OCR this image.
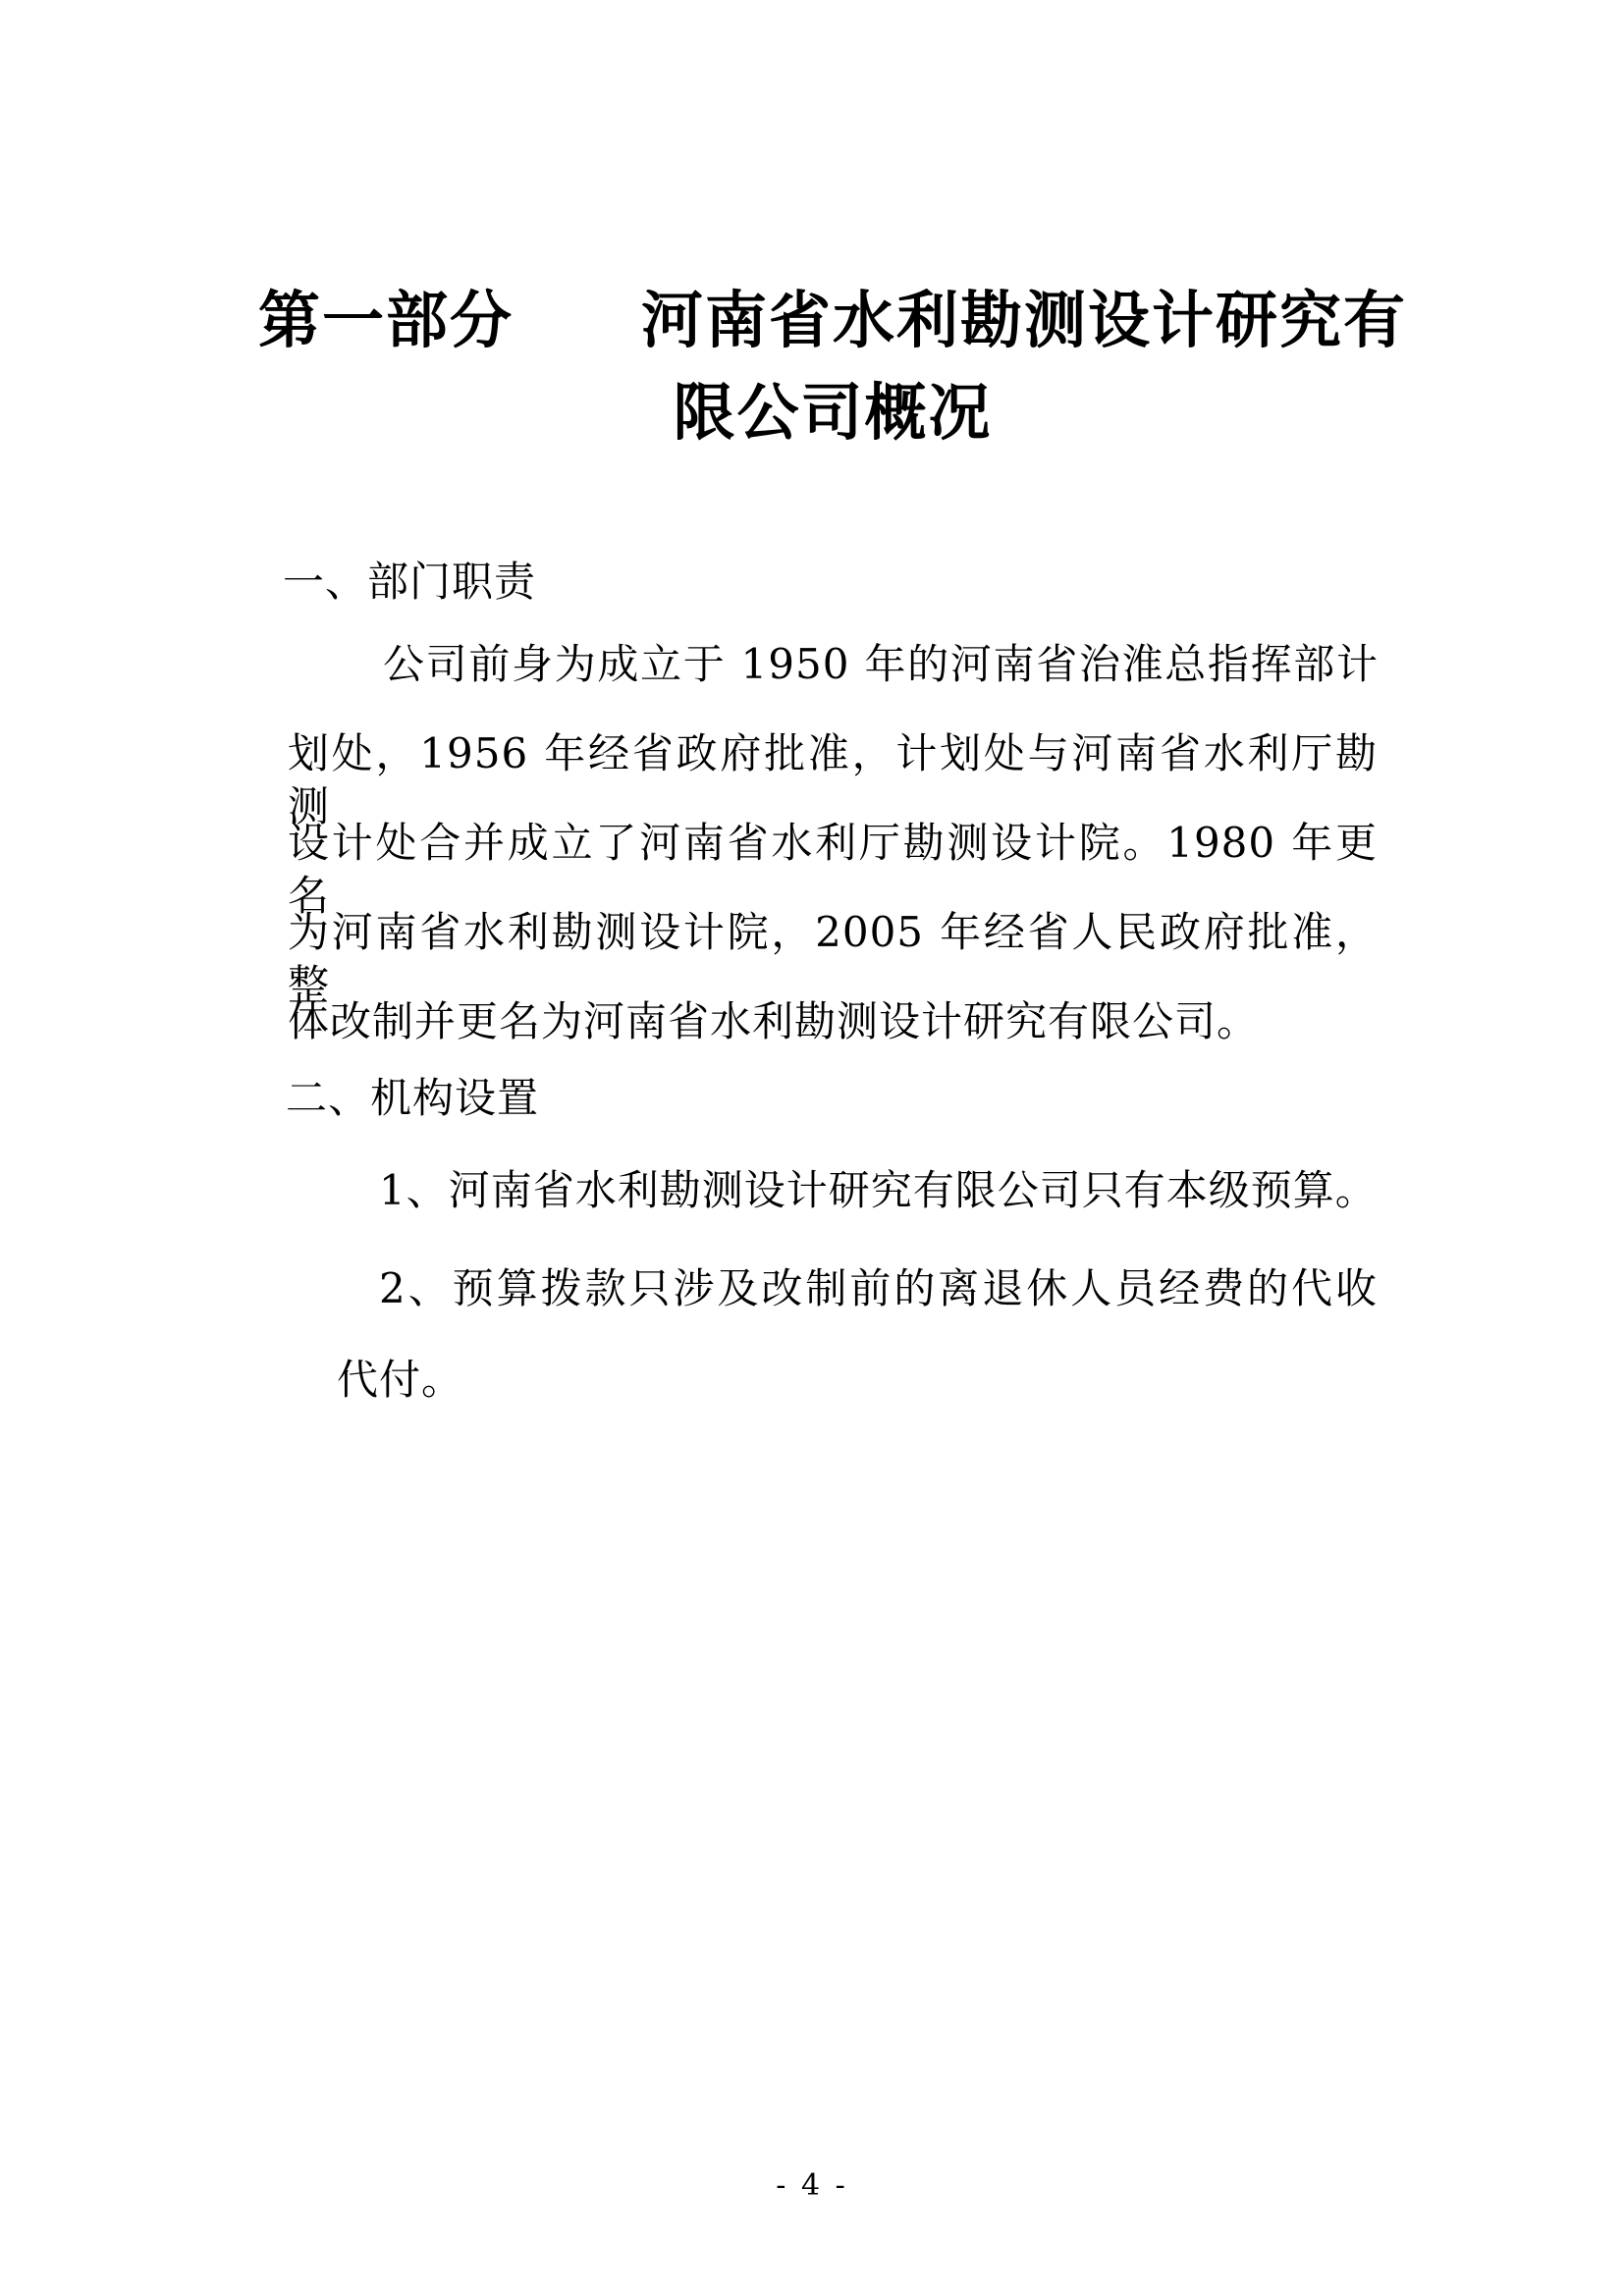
第一部分 河南省水利勘测设计研究有
限公司概况
一、部门职责
公司前身为成立于 1950 年的河南省治淮总指挥部计
划处，1956 年经省政府批准，计划处与河南省水利厅勘测
设计处合并成立了河南省水利厅勘测设计院。1980 年更名
为河南省水利勘测设计院，2005 年经省人民政府批准，整
体改制并更名为河南省水利勘测设计研究有限公司。
二、机构设置
1、河南省水利勘测设计研究有限公司只有本级预算。
2、预算拨款只涉及改制前的离退休人员经费的代收
代付。
- 4 -
